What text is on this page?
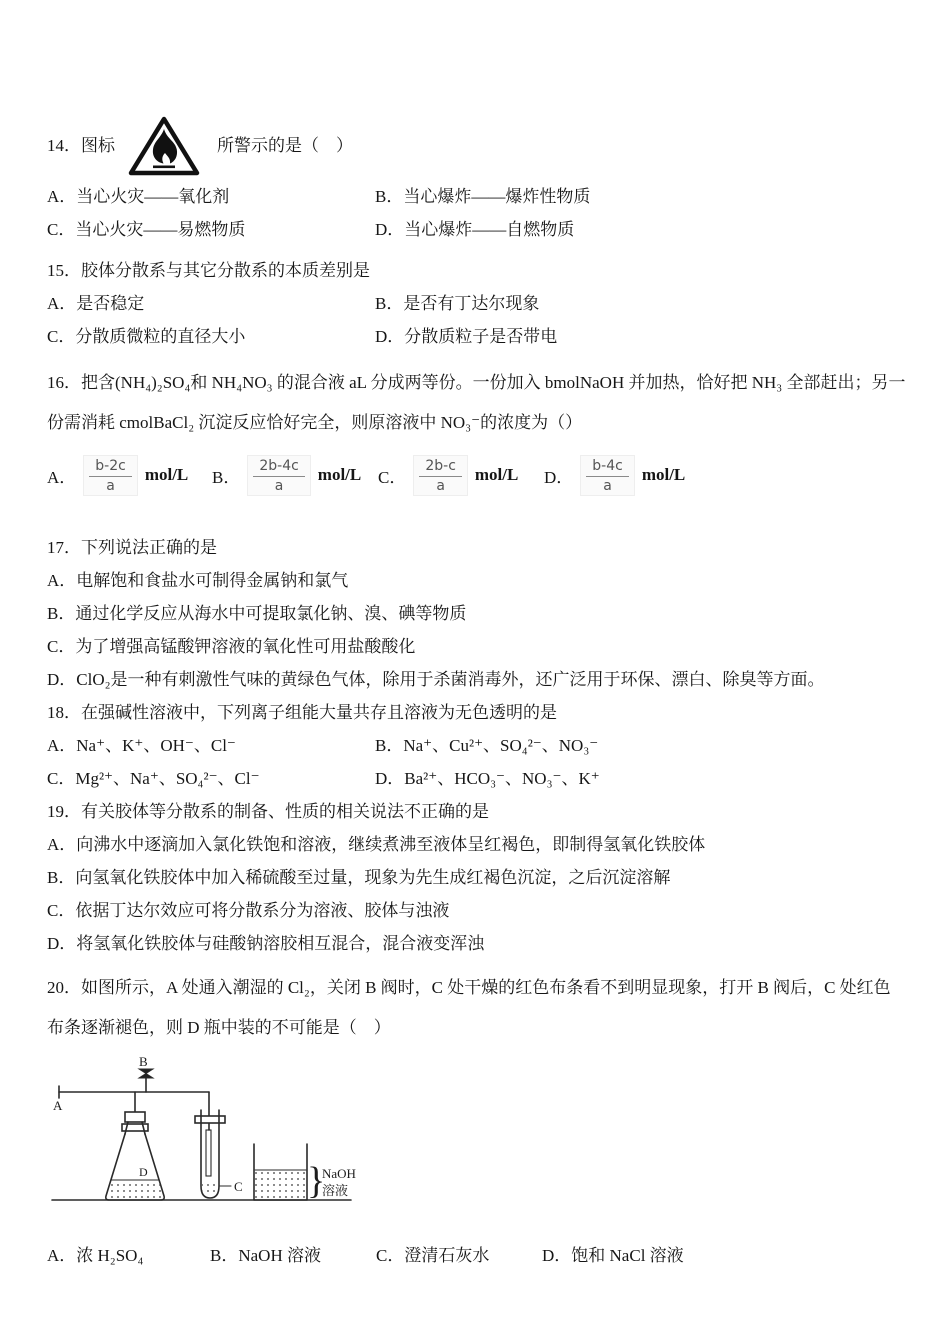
14． 图标	所警示的是（　）
A．当心火灾——氧化剂	B．当心爆炸——爆炸性物质
C．当心火灾——易燃物质	D．当心爆炸——自燃物质
15．胶体分散系与其它分散系的本质差别是
A．是否稳定	B．是否有丁达尔现象
C．分散质微粒的直径大小	D．分散质粒子是否带电
16．把含(NH₄)₂SO₄和 NH₄NO₃ 的混合液 aL 分成两等份。一份加入 bmolNaOH 并加热，恰好把 NH₃ 全部赶出；另一份需消耗 cmolBaCl₂ 沉淀反应恰好完全，则原溶液中 NO₃⁻的浓度为（）
A． $\frac{b-2c}{a} mol/L$ B． $\frac{2b-4c}{a} mol/L$ C． $\frac{2b-c}{a} mol/L$ D． $\frac{b-4c}{a} mol/L$
17．下列说法正确的是
A．电解饱和食盐水可制得金属钠和氯气
B．通过化学反应从海水中可提取氯化钠、溴、碘等物质
C．为了增强高锰酸钾溶液的氧化性可用盐酸酸化
D．ClO₂是一种有刺激性气味的黄绿色气体，除用于杀菌消毒外，还广泛用于环保、漂白、除臭等方面。
18．在强碱性溶液中，下列离子组能大量共存且溶液为无色透明的是
A．Na⁺、K⁺、OH⁻、Cl⁻	B．Na⁺、Cu²⁺、SO₄²⁻、NO₃⁻
C．Mg²⁺、Na⁺、SO₄²⁻、Cl⁻	D．Ba²⁺、HCO₃⁻、NO₃⁻、K⁺
19．有关胶体等分散系的制备、性质的相关说法不正确的是
A．向沸水中逐滴加入氯化铁饱和溶液，继续煮沸至液体呈红褐色，即制得氢氧化铁胶体
B．向氢氧化铁胶体中加入稀硫酸至过量，现象为先生成红褐色沉淀，之后沉淀溶解
C．依据丁达尔效应可将分散系分为溶液、胶体与浊液
D．将氢氧化铁胶体与硅酸钠溶胶相互混合，混合液变浑浊
20．如图所示，A 处通入潮湿的 Cl₂，关闭 B 阀时，C 处干燥的红色布条看不到明显现象，打开 B 阀后，C 处红色布条逐渐褪色，则 D 瓶中装的不可能是（　）
B
A
D
C }
NaOH
溶液
A．浓 H₂SO₄	B．NaOH 溶液	C．澄清石灰水	D．饱和 NaCl 溶液
